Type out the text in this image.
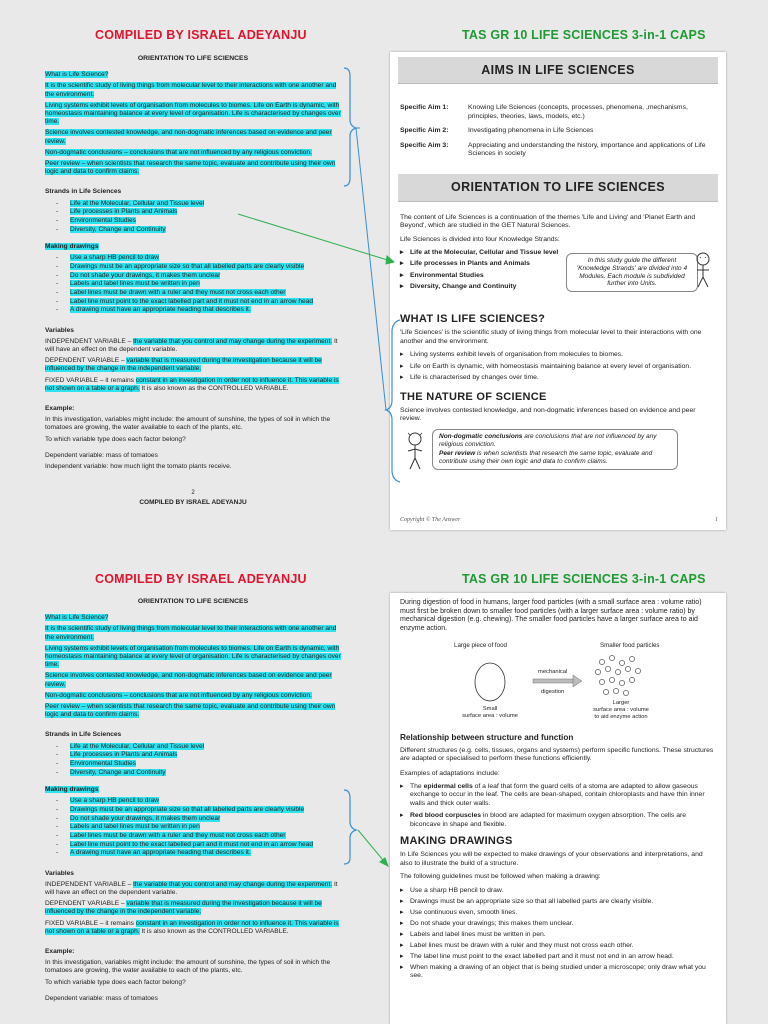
COMPILED BY ISRAEL ADEYANJU	TAS GR 10 LIFE SCIENCES 3-in-1 CAPS
ORIENTATION TO LIFE SCIENCES

What is Life Science?

It is the scientific study of living things from molecular level to their interactions with one another and the environment.

Living systems exhibit levels of organisation from molecules to biomes. Life on Earth is dynamic, with homeostasis maintaining balance at every level of organisation. Life is characterised by changes over time.

Science involves contested knowledge, and non-dogmatic inferences based on evidence and peer review.

Non-dogmatic conclusions – conclusions that are not influenced by any religious conviction.

Peer review – when scientists that research the same topic, evaluate and contribute using their own logic and data to confirm claims.

Strands in Life Sciences
- Life at the Molecular, Cellular and Tissue level
- Life processes in Plants and Animals
- Environmental Studies
- Diversity, Change and Continuity
Making drawings
- Use a sharp HB pencil to draw
- Drawings must be an appropriate size so that all labelled parts are clearly visible
- Do not shade your drawings, it makes them unclear
- Labels and label lines must be written in pen
- Label lines must be drawn with a ruler and they must not cross each other
- Label line must point to the exact labelled part and it must not end in an arrow head
- A drawing must have an appropriate heading that describes it.
Variables

INDEPENDENT VARIABLE – the variable that you control and may change during the experiment. It will have an effect on the dependent variable.

DEPENDENT VARIABLE – variable that is measured during the investigation because it will be influenced by the change in the independent variable.

FIXED VARIABLE – it remains constant in an investigation in order not to influence it. This variable is not shown on a table or a graph. It is also known as the CONTROLLED VARIABLE.

Example:

In this investigation, variables might include: the amount of sunshine, the types of soil in which the tomatoes are growing, the water available to each of the plants, etc.

To which variable type does each factor belong?

Dependent variable: mass of tomatoes

Independent variable: how much light the tomato plants receive.

2
COMPILED BY ISRAEL ADEYANJU
AIMS IN LIFE SCIENCES
Specific Aim 1:	Knowing Life Sciences (concepts, processes, phenomena, ,mechanisms, principles, theories, laws, models, etc.)
Specific Aim 2:	Investigating phenomena in Life Sciences
Specific Aim 3:	Appreciating and understanding the history, importance and applications of Life Sciences in society
ORIENTATION TO LIFE SCIENCES

The content of Life Sciences is a continuation of the themes 'Life and Living' and 'Planet Earth and Beyond', which are studied in the GET Natural Sciences.

Life Sciences is divided into four Knowledge Strands:

▸ Life at the Molecular, Cellular and Tissue level
▸ Life processes in Plants and Animals
▸ Environmental Studies
▸ Diversity, Change and Continuity
In this study guide the different 'Knowledge Strands' are divided into 4 Modules. Each module is subdivided further into Units.
WHAT IS LIFE SCIENCES?

'Life Sciences' is the scientific study of living things from molecular level to their interactions with one another and the environment.

▸ Living systems exhibit levels of organisation from molecules to biomes.
▸ Life on Earth is dynamic, with homeostasis maintaining balance at every level of organisation.
▸ Life is characterised by changes over time.
THE NATURE OF SCIENCE

Science involves contested knowledge, and non-dogmatic inferences based on evidence and peer review.

Non-dogmatic conclusions are conclusions that are not influenced by any religious conviction.
Peer review is when scientists that research the same topic, evaluate and contribute using their own logic and data to confirm claims.
Copyright © The Answer	1
COMPILED BY ISRAEL ADEYANJU	TAS GR 10 LIFE SCIENCES 3-in-1 CAPS
ORIENTATION TO LIFE SCIENCES

What is Life Science?

It is the scientific study of living things from molecular level to their interactions with one another and the environment.

Living systems exhibit levels of organisation from molecules to biomes. Life on Earth is dynamic, with homeostasis maintaining balance at every level of organisation. Life is characterised by changes over time.

Science involves contested knowledge, and non-dogmatic inferences based on evidence and peer review.

Non-dogmatic conclusions – conclusions that are not influenced by any religious conviction.

Peer review – when scientists that research the same topic, evaluate and contribute using their own logic and data to confirm claims.

Strands in Life Sciences
- Life at the Molecular, Cellular and Tissue level
- Life processes in Plants and Animals
- Environmental Studies
- Diversity, Change and Continuity
Making drawings
- Use a sharp HB pencil to draw
- Drawings must be an appropriate size so that all labelled parts are clearly visible
- Do not shade your drawings, it makes them unclear
- Labels and label lines must be written in pen
- Label lines must be drawn with a ruler and they must not cross each other
- Label line must point to the exact labelled part and it must not end in an arrow head
- A drawing must have an appropriate heading that describes it.
Variables

INDEPENDENT VARIABLE – the variable that you control and may change during the experiment. It will have an effect on the dependent variable.

DEPENDENT VARIABLE – variable that is measured during the investigation because it will be influenced by the change in the independent variable.

FIXED VARIABLE – it remains constant in an investigation in order not to influence it. This variable is not shown on a table or a graph. It is also known as the CONTROLLED VARIABLE.

Example:

In this investigation, variables might include: the amount of sunshine, the types of soil in which the tomatoes are growing, the water available to each of the plants, etc.

To which variable type does each factor belong?

Dependent variable: mass of tomatoes

During digestion of food in humans, larger food particles (with a small surface area : volume ratio) must first be broken down to smaller food particles (with a larger surface area : volume ratio) by mechanical digestion (e.g. chewing). The smaller food particles have a larger surface area to aid enzyme action.

Large piece of food	Smaller food particles
mechanical
digestion
Small
surface area : volume
Larger
surface area : volume
to aid enzyme action
Relationship between structure and function

Different structures (e.g. cells, tissues, organs and systems) perform specific functions. These structures are adapted or specialised to perform these functions efficiently.

Examples of adaptations include:

▸ The epidermal cells of a leaf that form the guard cells of a stoma are adapted to allow gaseous exchange to occur in the leaf. The cells are bean-shaped, contain chloroplasts and have thin inner walls and thick outer walls.
▸ Red blood corpuscles in blood are adapted for maximum oxygen absorption. The cells are biconcave in shape and flexible.
MAKING DRAWINGS

In Life Sciences you will be expected to make drawings of your observations and interpretations, and also to illustrate the build of a structure.

The following guidelines must be followed when making a drawing:

▸ Use a sharp HB pencil to draw.
▸ Drawings must be an appropriate size so that all labelled parts are clearly visible.
▸ Use continuous even, smooth lines.
▸ Do not shade your drawings; this makes them unclear.
▸ Labels and label lines must be written in pen.
▸ Label lines must be drawn with a ruler and they must not cross each other.
▸ The label line must point to the exact labelled part and it must not end in an arrow head.
▸ When making a drawing of an object that is being studied under a microscope; only draw what you see.
